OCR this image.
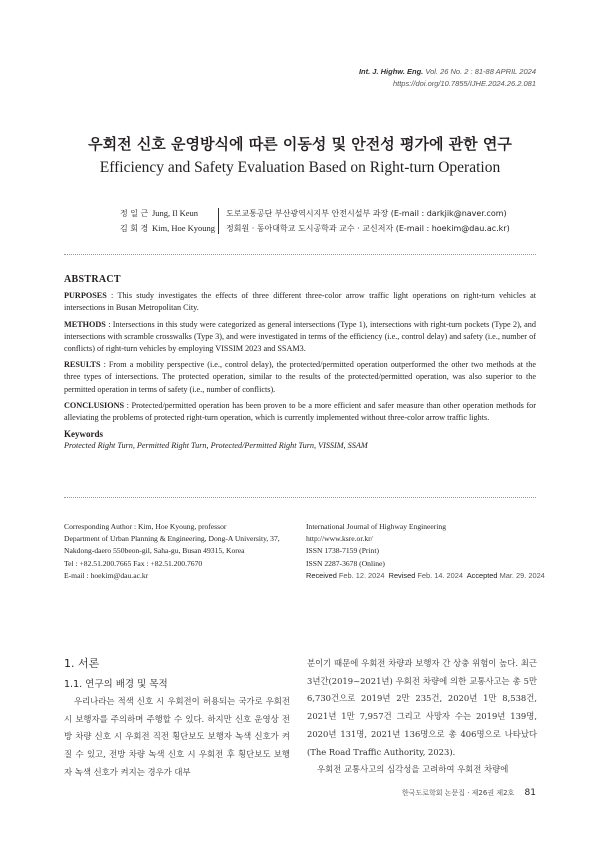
Int. J. Highw. Eng. Vol. 26 No. 2 : 81-88 APRIL 2024
https://doi.org/10.7855/IJHE.2024.26.2.081
우회전 신호 운영방식에 따른 이동성 및 안전성 평가에 관한 연구
Efficiency and Safety Evaluation Based on Right-turn Operation
정 일 근
김 회 경
Jung, Il Keun
Kim, Hoe Kyoung
도로교통공단 부산광역시지부 안전시설부 과장 (E-mail : darkjik@naver.com)
정회원 · 동아대학교 도시공학과 교수 · 교신저자 (E-mail : hoekim@dau.ac.kr)
ABSTRACT

PURPOSES : This study investigates the effects of three different three-color arrow traffic light operations on right-turn vehicles at intersections in Busan Metropolitan City.

METHODS : Intersections in this study were categorized as general intersections (Type 1), intersections with right-turn pockets (Type 2), and intersections with scramble crosswalks (Type 3), and were investigated in terms of the efficiency (i.e., control delay) and safety (i.e., number of conflicts) of right-turn vehicles by employing VISSIM 2023 and SSAM3.

RESULTS : From a mobility perspective (i.e., control delay), the protected/permitted operation outperformed the other two methods at the three types of intersections. The protected operation, similar to the results of the protected/permitted operation, was also superior to the permitted operation in terms of safety (i.e., number of conflicts).

CONCLUSIONS : Protected/permitted operation has been proven to be a more efficient and safer measure than other operation methods for alleviating the problems of protected right-turn operation, which is currently implemented without three-color arrow traffic lights.

Keywords
Protected Right Turn, Permitted Right Turn, Protected/Permitted Right Turn, VISSIM, SSAM
Corresponding Author : Kim, Hoe Kyoung, professor
Department of Urban Planning & Engineering, Dong-A University, 37,
Nakdong-daero 550beon-gil, Saha-gu, Busan 49315, Korea
Tel : +82.51.200.7665 Fax : +82.51.200.7670
E-mail : hoekim@dau.ac.kr
International Journal of Highway Engineering
http://www.ksre.or.kr/
ISSN 1738-7159 (Print)
ISSN 2287-3678 (Online)
Received Feb. 12. 2024 Revised Feb. 14. 2024 Accepted Mar. 29. 2024
1. 서론
1.1. 연구의 배경 및 목적

우리나라는 적색 신호 시 우회전이 허용되는 국가로 우회전 시 보행자를 주의하며 주행할 수 있다. 하지만 신호 운영상 전방 차량 신호 시 우회전 직전 횡단보도 보행자 녹색 신호가 켜질 수 있고, 전방 차량 녹색 신호 시 우회전 후 횡단보도 보행자 녹색 신호가 켜지는 경우가 대부

분이기 때문에 우회전 차량과 보행자 간 상충 위험이 높다. 최근 3년간(2019~2021년) 우회전 차량에 의한 교통사고는 총 5만 6,730건으로 2019년 2만 235건, 2020년 1만 8,538건, 2021년 1만 7,957건 그리고 사망자 수는 2019년 139명, 2020년 131명, 2021년 136명으로 총 406명으로 나타났다 (The Road Traffic Authority, 2023).

우회전 교통사고의 심각성을 고려하여 우회전 차량에

한국도로학회 논문집 · 제26권 제2호 81
